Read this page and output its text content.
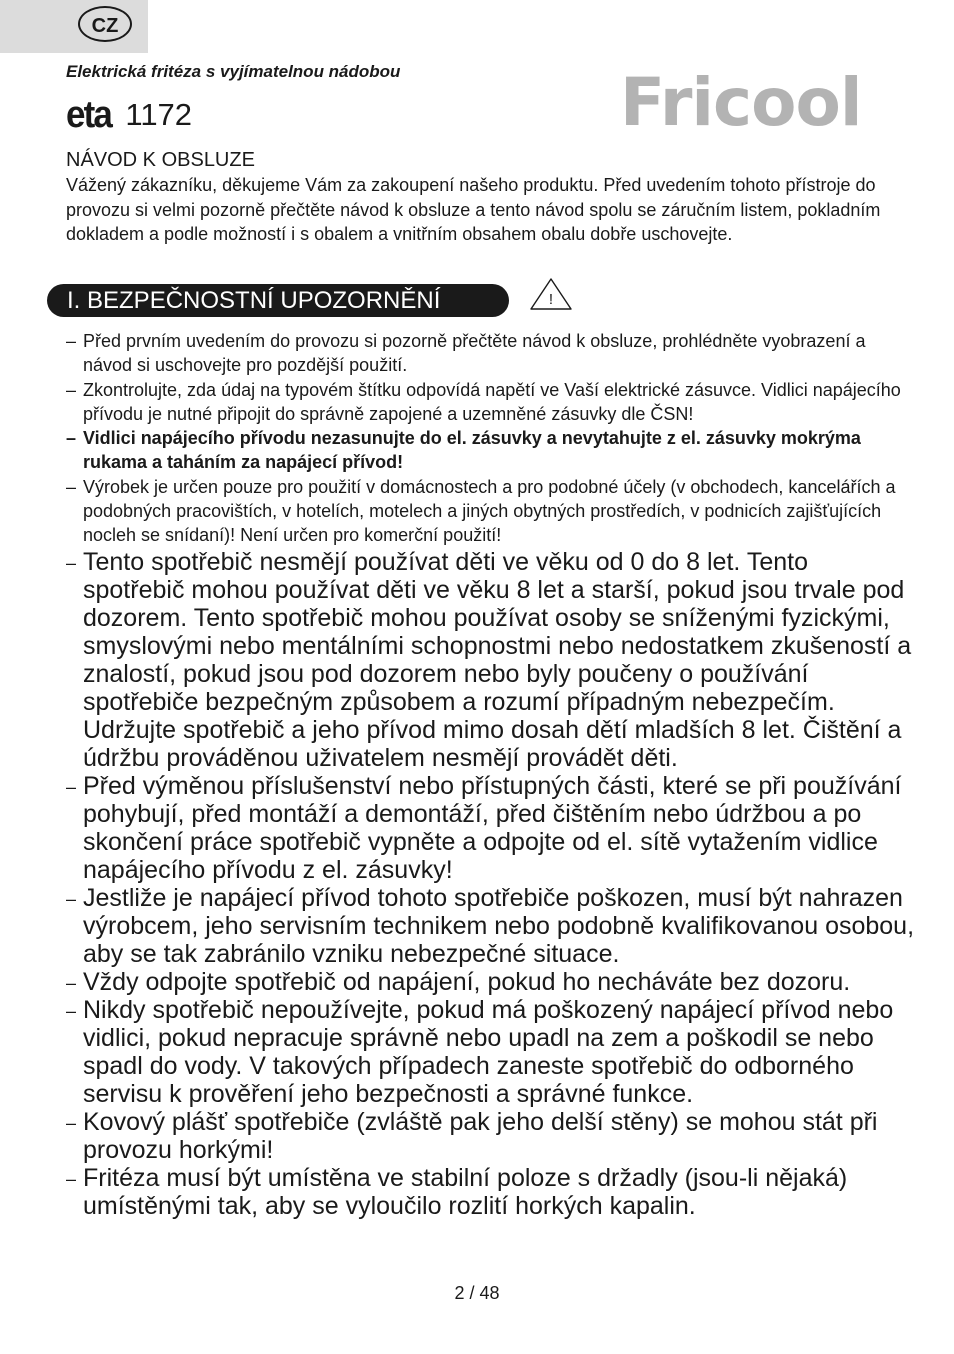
CZ
Elektrická fritéza s vyjímatelnou nádobou
eta 1172	Fricool
NÁVOD K OBSLUZE

Vážený zákazníku, děkujeme Vám za zakoupení našeho produktu. Před uvedením tohoto přístroje do provozu si velmi pozorně přečtěte návod k obsluze a tento návod spolu se záručním listem, pokladním dokladem a podle možností i s obalem a vnitřním obsahem obalu dobře uschovejte.

I. BEZPEČNOSTNÍ UPOZORNĚNÍ	!
– Před prvním uvedením do provozu si pozorně přečtěte návod k obsluze, prohlédněte vyobrazení a návod si uschovejte pro pozdější použití.
– Zkontrolujte, zda údaj na typovém štítku odpovídá napětí ve Vaší elektrické zásuvce. Vidlici napájecího přívodu je nutné připojit do správně zapojené a uzemněné zásuvky dle ČSN!
– Vidlici napájecího přívodu nezasunujte do el. zásuvky a nevytahujte z el. zásuvky mokrýma rukama a taháním za napájecí přívod!
– Výrobek je určen pouze pro použití v domácnostech a pro podobné účely (v obchodech, kancelářích a podobných pracovištích, v hotelích, motelech a jiných obytných prostředích, v podnicích zajišťujících nocleh se snídaní)! Není určen pro komerční použití!
– Tento spotřebič nesmějí používat děti ve věku od 0 do 8 let. Tento spotřebič mohou používat děti ve věku 8 let a starší, pokud jsou trvale pod dozorem. Tento spotřebič mohou používat osoby se sníženými fyzickými, smyslovými nebo mentálními schopnostmi nebo nedostatkem zkušeností a znalostí, pokud jsou pod dozorem nebo byly poučeny o používání spotřebiče bezpečným způsobem a rozumí případným nebezpečím. Udržujte spotřebič a jeho přívod mimo dosah dětí mladších 8 let. Čištění a údržbu prováděnou uživatelem nesmějí provádět děti.
– Před výměnou příslušenství nebo přístupných části, které se při používání pohybují, před montáží a demontáží, před čištěním nebo údržbou a po skončení práce spotřebič vypněte a odpojte od el. sítě vytažením vidlice napájecího přívodu z el. zásuvky!
– Jestliže je napájecí přívod tohoto spotřebiče poškozen, musí být nahrazen výrobcem, jeho servisním technikem nebo podobně kvalifikovanou osobou, aby se tak zabránilo vzniku nebezpečné situace.
– Vždy odpojte spotřebič od napájení, pokud ho necháváte bez dozoru.
– Nikdy spotřebič nepoužívejte, pokud má poškozený napájecí přívod nebo vidlici, pokud nepracuje správně nebo upadl na zem a poškodil se nebo spadl do vody. V takových případech zaneste spotřebič do odborného servisu k prověření jeho bezpečnosti a správné funkce.
– Kovový plášť spotřebiče (zvláště pak jeho delší stěny) se mohou stát při provozu horkými!
– Fritéza musí být umístěna ve stabilní poloze s držadly (jsou-li nějaká) umístěnými tak, aby se vyloučilo rozlití horkých kapalin.
2 / 48
